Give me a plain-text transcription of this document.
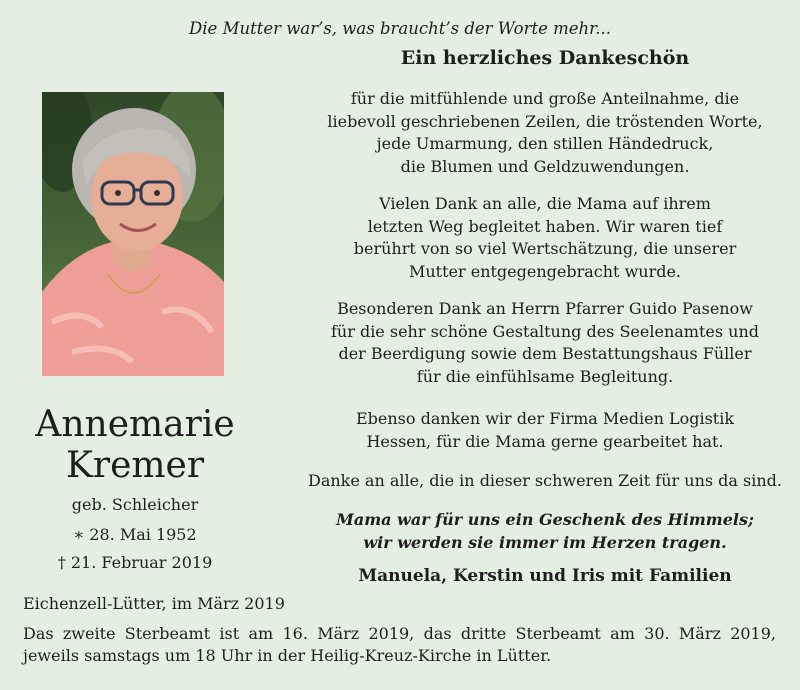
Die Mutter war’s, was braucht’s der Worte mehr...
Annemarie
Kremer
geb. Schleicher
∗ 28. Mai 1952
† 21. Februar 2019
Ein herzliches Dankeschön

für die mitfühlende und große Anteilnahme, die
liebevoll geschriebenen Zeilen, die tröstenden Worte,
jede Umarmung, den stillen Händedruck,
die Blumen und Geldzuwendungen.

Vielen Dank an alle, die Mama auf ihrem
letzten Weg begleitet haben. Wir waren tief
berührt von so viel Wertschätzung, die unserer
Mutter entgegengebracht wurde.

Besonderen Dank an Herrn Pfarrer Guido Pasenow
für die sehr schöne Gestaltung des Seelenamtes und
der Beerdigung sowie dem Bestattungshaus Füller
für die einfühlsame Begleitung.

Ebenso danken wir der Firma Medien Logistik
Hessen, für die Mama gerne gearbeitet hat.

Danke an alle, die in dieser schweren Zeit für uns da sind.

Mama war für uns ein Geschenk des Himmels;
wir werden sie immer im Herzen tragen.
Manuela, Kerstin und Iris mit Familien
Eichenzell-Lütter, im März 2019
Das zweite Sterbeamt ist am 16. März 2019, das dritte Sterbeamt am 30. März 2019,
jeweils samstags um 18 Uhr in der Heilig-Kreuz-Kirche in Lütter.
